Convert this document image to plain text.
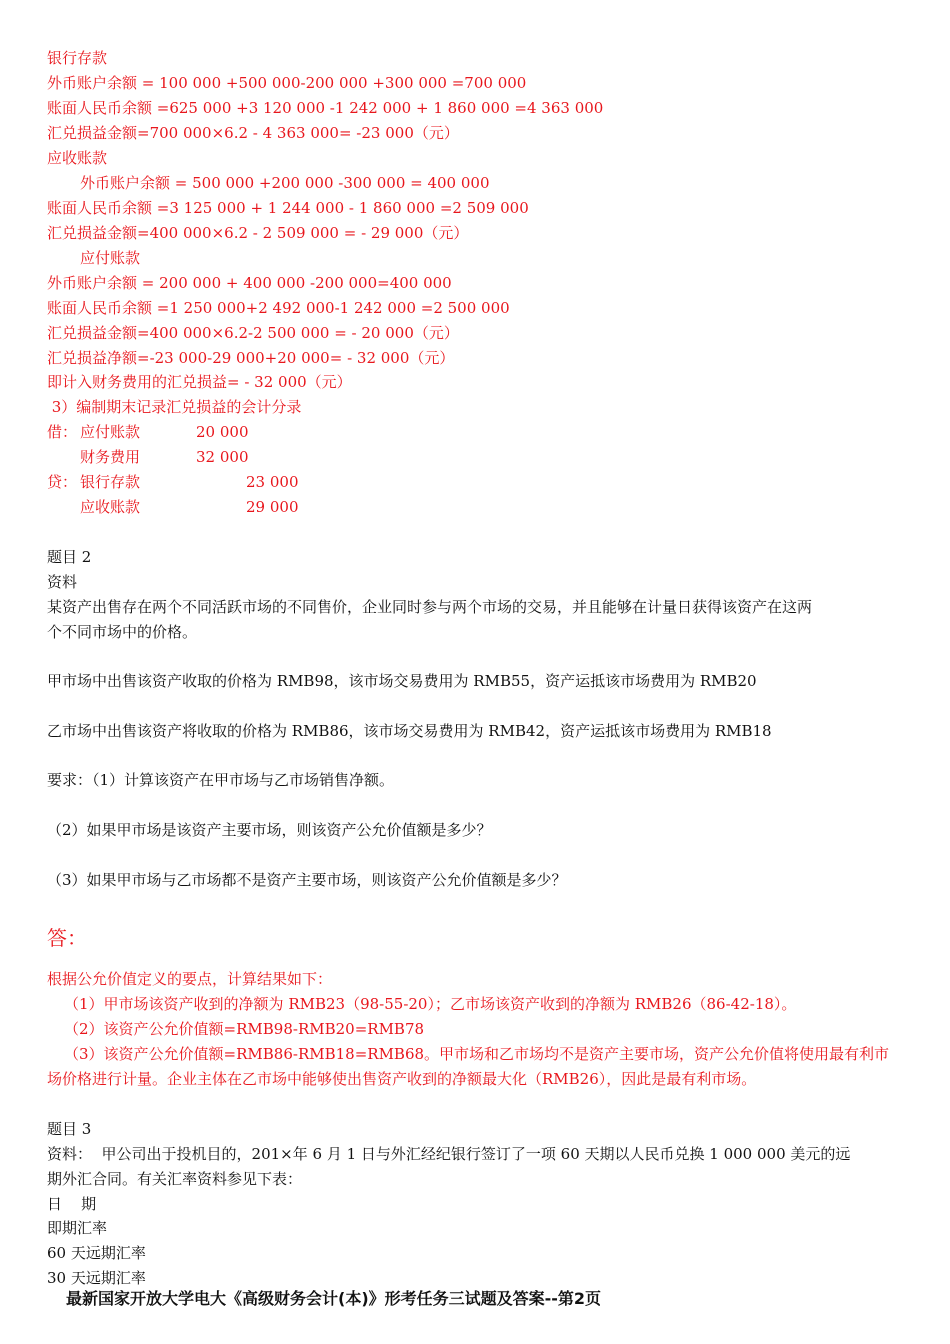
银行存款
外币账户余额 = 100 000 +500 000-200 000 +300 000 =700 000
账面人民币余额 =625 000 +3 120 000 -1 242 000 + 1 860 000 =4 363 000
汇兑损益金额=700 000×6.2 - 4 363 000= -23 000（元）
应收账款
外币账户余额 = 500 000 +200 000 -300 000 = 400 000
账面人民币余额 =3 125 000 + 1 244 000 - 1 860 000 =2 509 000
汇兑损益金额=400 000×6.2 - 2 509 000 = - 29 000（元）
应付账款
外币账户余额 = 200 000 + 400 000 -200 000=400 000
账面人民币余额 =1 250 000+2 492 000-1 242 000 =2 500 000
汇兑损益金额=400 000×6.2-2 500 000 = - 20 000（元）
汇兑损益净额=-23 000-29 000+20 000= - 32 000（元）
即计入财务费用的汇兑损益= - 32 000（元）
3）编制期末记录汇兑损益的会计分录
借： 应付账款	20 000
财务费用	32 000
贷： 银行存款	23 000
应收账款	29 000
题目 2
资料
某资产出售存在两个不同活跃市场的不同售价，企业同时参与两个市场的交易，并且能够在计量日获得该资产在这两
个不同市场中的价格。
甲市场中出售该资产收取的价格为 RMB98，该市场交易费用为 RMB55，资产运抵该市场费用为 RMB20
乙市场中出售该资产将收取的价格为 RMB86，该市场交易费用为 RMB42，资产运抵该市场费用为 RMB18
要求：（1）计算该资产在甲市场与乙市场销售净额。
（2）如果甲市场是该资产主要市场，则该资产公允价值额是多少？
（3）如果甲市场与乙市场都不是资产主要市场，则该资产公允价值额是多少？
答：
根据公允价值定义的要点，计算结果如下：
（1）甲市场该资产收到的净额为 RMB23（98-55-20）；乙市场该资产收到的净额为 RMB26（86-42-18）。
（2）该资产公允价值额=RMB98-RMB20=RMB78
（3）该资产公允价值额=RMB86-RMB18=RMB68。甲市场和乙市场均不是资产主要市场，资产公允价值将使用最有利市
场价格进行计量。企业主体在乙市场中能够使出售资产收到的净额最大化（RMB26），因此是最有利市场。
题目 3
资料：  甲公司出于投机目的，201×年 6 月 1 日与外汇经纪银行签订了一项 60 天期以人民币兑换 1 000 000 美元的远
期外汇合同。有关汇率资料参见下表：
日    期
即期汇率
60 天远期汇率
30 天远期汇率
最新国家开放大学电大《高级财务会计(本)》形考任务三试题及答案--第2页
